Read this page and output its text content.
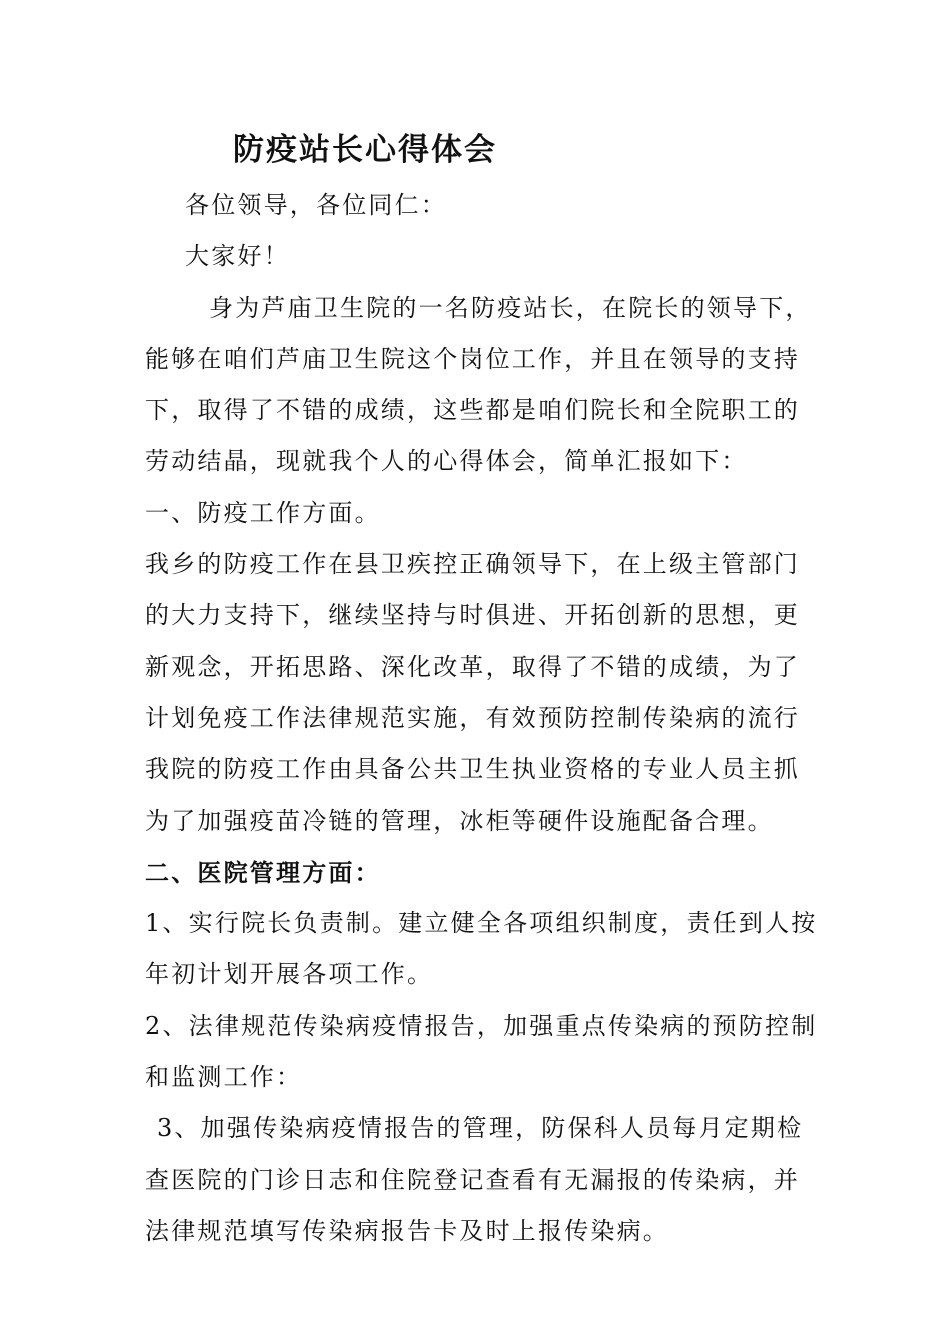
防疫站长心得体会
各位领导，各位同仁：
大家好！
身为芦庙卫生院的一名防疫站长，在院长的领导下，
能够在咱们芦庙卫生院这个岗位工作，并且在领导的支持
下，取得了不错的成绩，这些都是咱们院长和全院职工的
劳动结晶，现就我个人的心得体会，简单汇报如下：
一、防疫工作方面。
我乡的防疫工作在县卫疾控正确领导下，在上级主管部门
的大力支持下，继续坚持与时俱进、开拓创新的思想，更
新观念，开拓思路、深化改革，取得了不错的成绩，为了
计划免疫工作法律规范实施，有效预防控制传染病的流行
我院的防疫工作由具备公共卫生执业资格的专业人员主抓
为了加强疫苗冷链的管理，冰柜等硬件设施配备合理。
二、医院管理方面：
1、实行院长负责制。建立健全各项组织制度，责任到人按
年初计划开展各项工作。
2、法律规范传染病疫情报告，加强重点传染病的预防控制
和监测工作：
3、加强传染病疫情报告的管理，防保科人员每月定期检
查医院的门诊日志和住院登记查看有无漏报的传染病，并
法律规范填写传染病报告卡及时上报传染病。
